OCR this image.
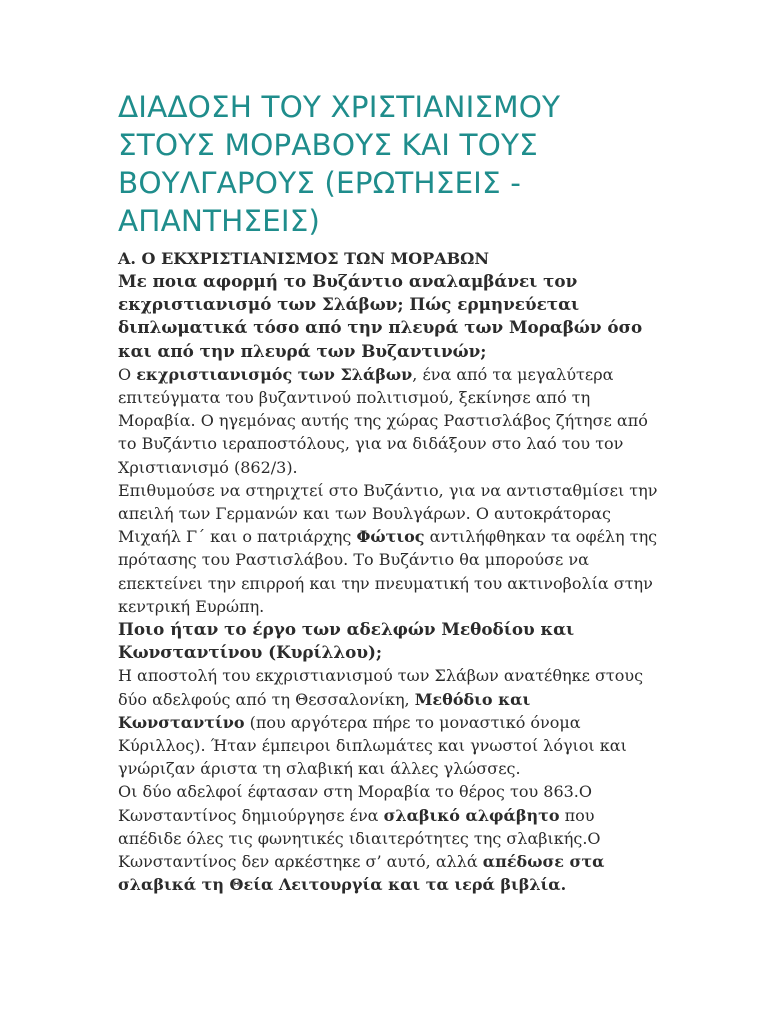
ΔΙΑΔΟΣΗ ΤΟΥ ΧΡΙΣΤΙΑΝΙΣΜΟΥ ΣΤΟΥΣ ΜΟΡΑΒΟΥΣ ΚΑΙ ΤΟΥΣ ΒΟΥΛΓΑΡΟΥΣ (ΕΡΩΤΗΣΕΙΣ - ΑΠΑΝΤΗΣΕΙΣ)

Α. Ο ΕΚΧΡΙΣΤΙΑΝΙΣΜΟΣ ΤΩΝ ΜΟΡΑΒΩΝ

Με ποια αφορμή το Βυζάντιο αναλαμβάνει τον εκχριστιανισμό των Σλάβων; Πώς ερμηνεύεται διπλωματικά τόσο από την πλευρά των Μοραβών όσο και από την πλευρά των Βυζαντινών;

Ο εκχριστιανισμός των Σλάβων, ένα από τα μεγαλύτερα επιτεύγματα του βυζαντινού πολιτισμού, ξεκίνησε από τη Μοραβία. Ο ηγεμόνας αυτής της χώρας Ραστισλάβος ζήτησε από το Βυζάντιο ιεραποστόλους, για να διδάξουν στο λαό του τον Χριστιανισμό (862/3).

Επιθυμούσε να στηριχτεί στο Βυζάντιο, για να αντισταθμίσει την απειλή των Γερμανών και των Βουλγάρων. Ο αυτοκράτορας Μιχαήλ Γ΄ και ο πατριάρχης Φώτιος αντιλήφθηκαν τα οφέλη της πρότασης του Ραστισλάβου. Το Βυζάντιο θα μπορούσε να επεκτείνει την επιρροή και την πνευματική του ακτινοβολία στην κεντρική Ευρώπη.

Ποιο ήταν το έργο των αδελφών Μεθοδίου και Κωνσταντίνου (Κυρίλλου);

Η αποστολή του εκχριστιανισμού των Σλάβων ανατέθηκε στους δύο αδελφούς από τη Θεσσαλονίκη, Μεθόδιο και Κωνσταντίνο (που αργότερα πήρε το μοναστικό όνομα Κύριλλος). Ήταν έμπειροι διπλωμάτες και γνωστοί λόγιοι και γνώριζαν άριστα τη σλαβική και άλλες γλώσσες.

Οι δύο αδελφοί έφτασαν στη Μοραβία το θέρος του 863.Ο Κωνσταντίνος δημιούργησε ένα σλαβικό αλφάβητο που απέδιδε όλες τις φωνητικές ιδιαιτερότητες της σλαβικής.Ο Κωνσταντίνος δεν αρκέστηκε σ’ αυτό, αλλά απέδωσε στα σλαβικά τη Θεία Λειτουργία και τα ιερά βιβλία.
